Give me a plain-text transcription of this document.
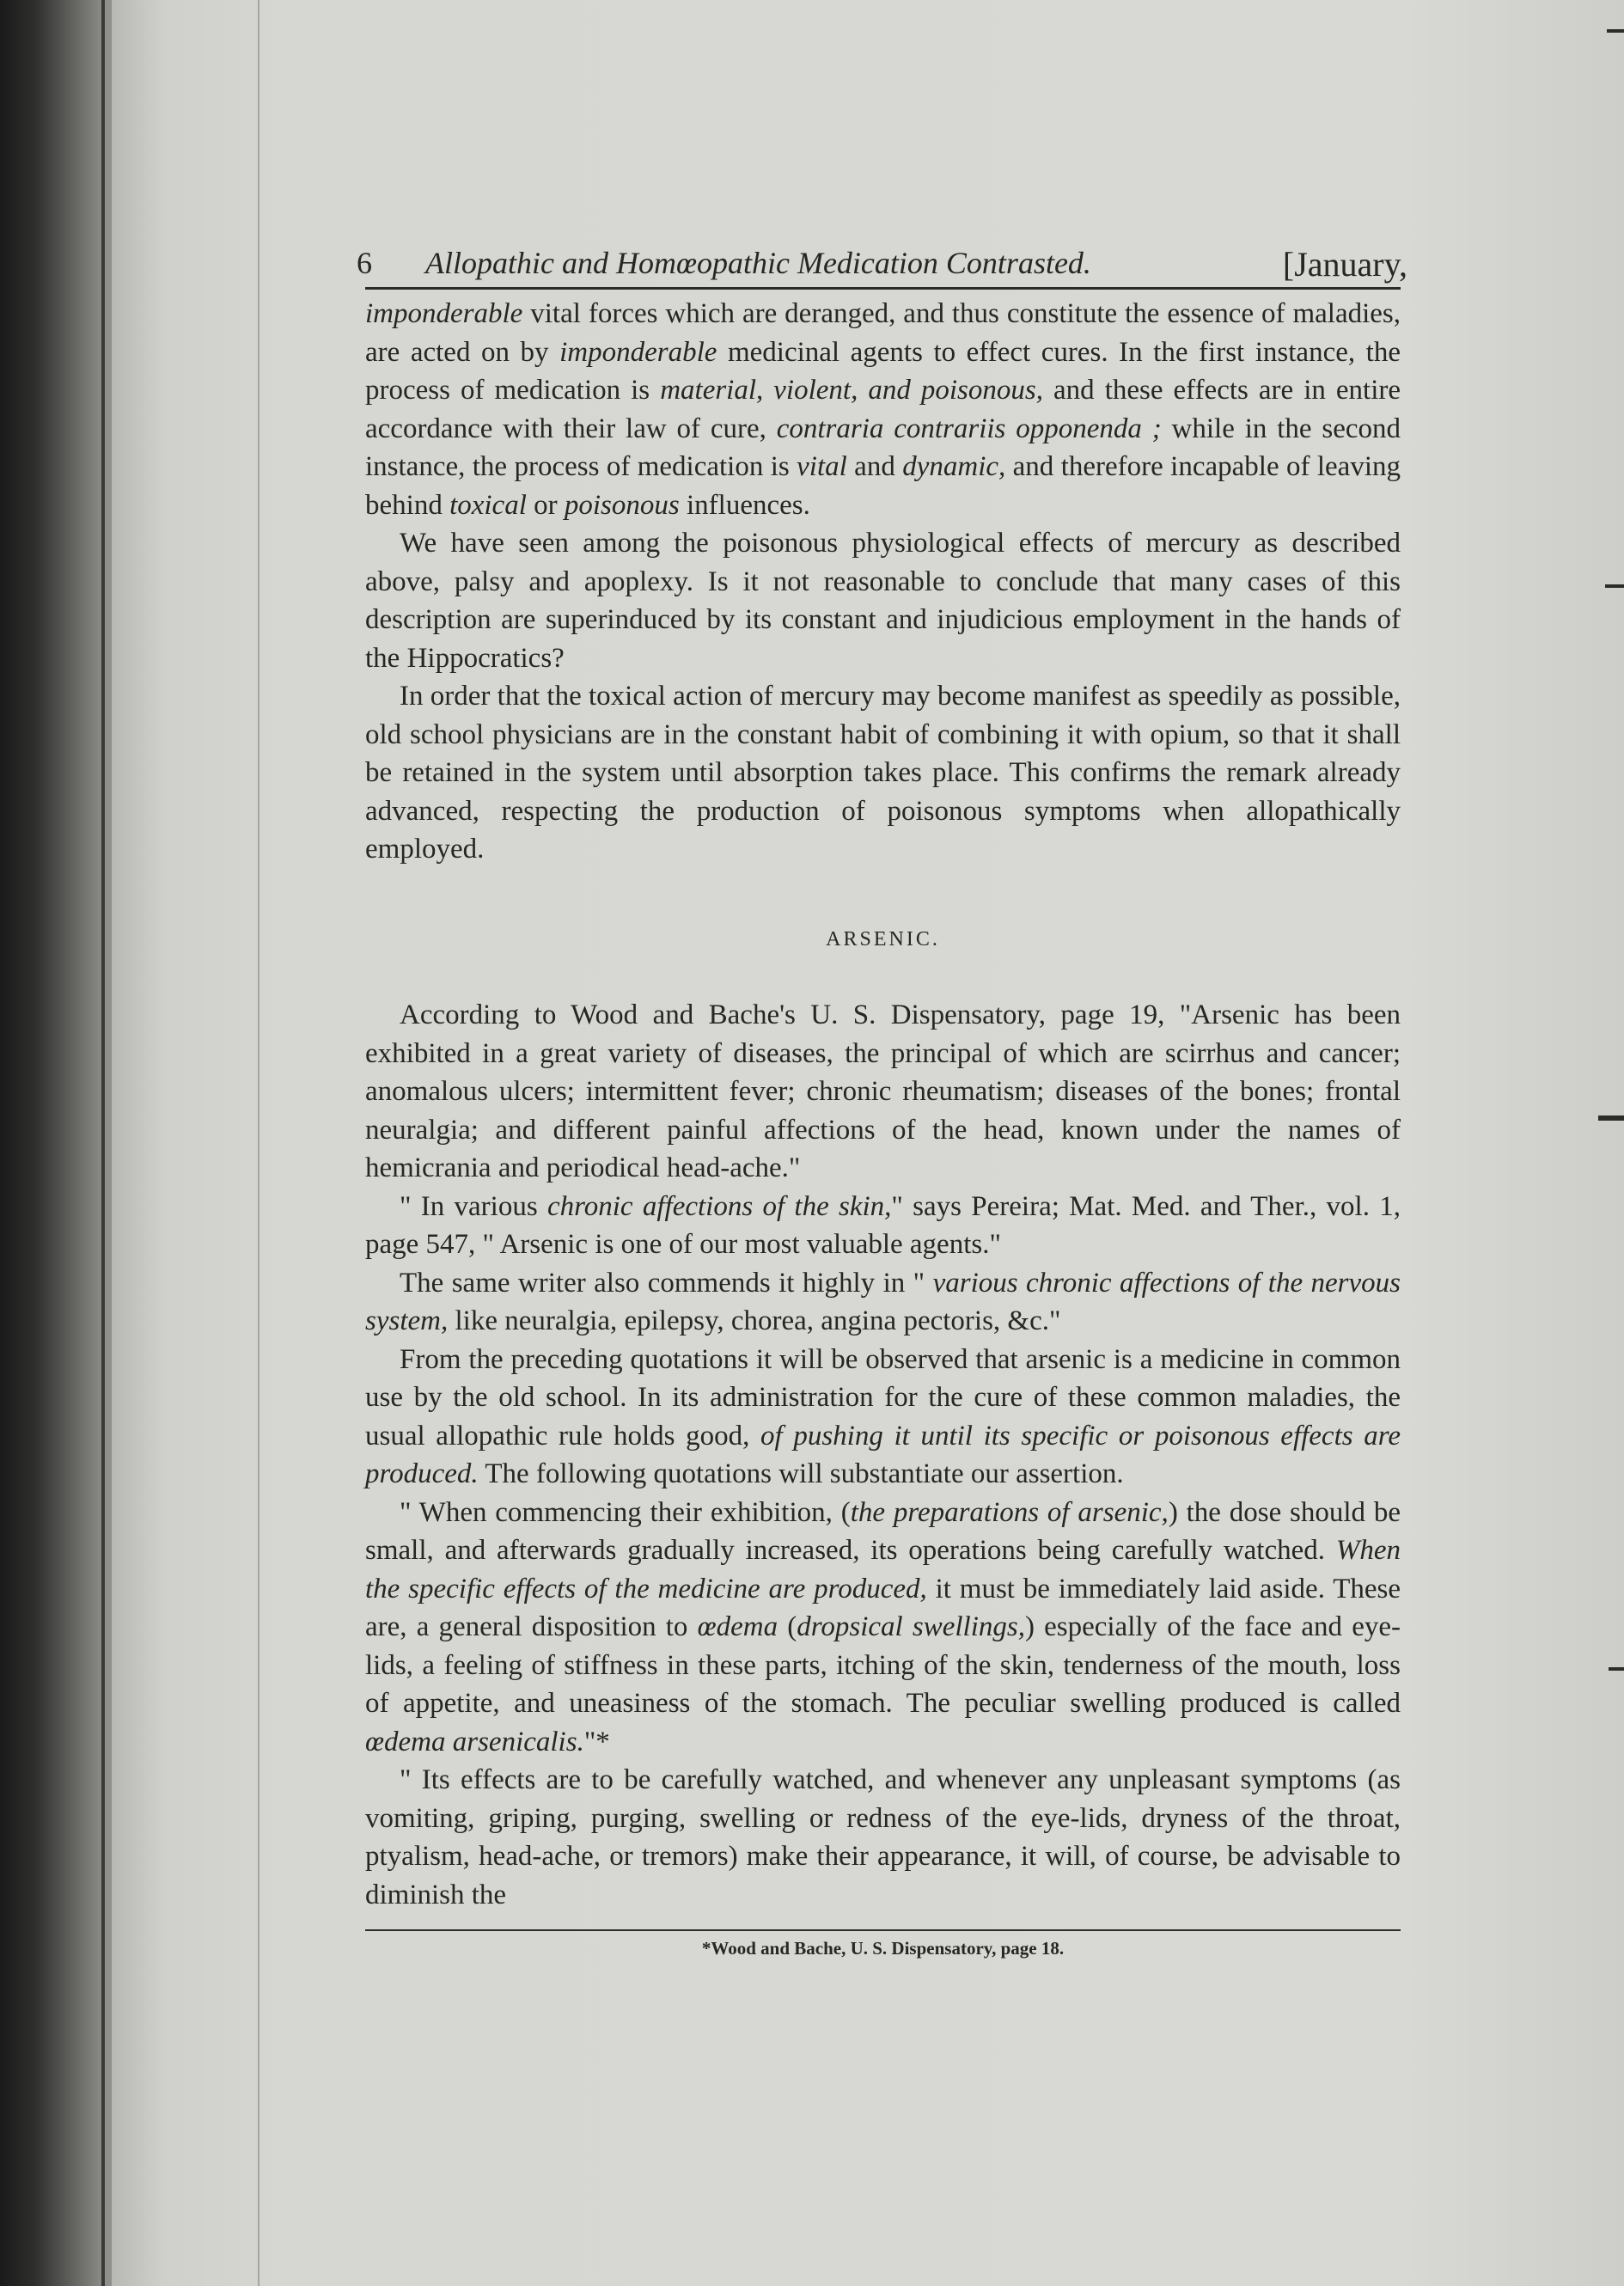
6 Allopathic and Homœopathic Medication Contrasted.	[January,

imponderable vital forces which are deranged, and thus constitute the essence of maladies, are acted on by imponderable medicinal agents to effect cures. In the first instance, the process of medication is material, violent, and poisonous, and these effects are in entire accordance with their law of cure, contraria contrariis opponenda ; while in the second instance, the process of medication is vital and dynamic, and therefore incapable of leaving behind toxical or poisonous influences.

We have seen among the poisonous physiological effects of mercury as described above, palsy and apoplexy. Is it not reasonable to conclude that many cases of this description are superinduced by its constant and injudicious employment in the hands of the Hippocratics?

In order that the toxical action of mercury may become manifest as speedily as possible, old school physicians are in the constant habit of combining it with opium, so that it shall be retained in the system until absorption takes place. This confirms the remark already advanced, respecting the production of poisonous symptoms when allopathically employed.

ARSENIC.

According to Wood and Bache's U. S. Dispensatory, page 19, "Arsenic has been exhibited in a great variety of diseases, the principal of which are scirrhus and cancer; anomalous ulcers; intermittent fever; chronic rheumatism; diseases of the bones; frontal neuralgia; and different painful affections of the head, known under the names of hemicrania and periodical head-ache."

" In various chronic affections of the skin," says Pereira; Mat. Med. and Ther., vol. 1, page 547, " Arsenic is one of our most valuable agents."

The same writer also commends it highly in " various chronic affections of the nervous system, like neuralgia, epilepsy, chorea, angina pectoris, &c."

From the preceding quotations it will be observed that arsenic is a medicine in common use by the old school. In its administration for the cure of these common maladies, the usual allopathic rule holds good, of pushing it until its specific or poisonous effects are produced. The following quotations will substantiate our assertion.

" When commencing their exhibition, (the preparations of arsenic,) the dose should be small, and afterwards gradually increased, its operations being carefully watched. When the specific effects of the medicine are produced, it must be immediately laid aside. These are, a general disposition to œdema (dropsical swellings,) especially of the face and eye-lids, a feeling of stiffness in these parts, itching of the skin, tenderness of the mouth, loss of appetite, and uneasiness of the stomach. The peculiar swelling produced is called œdema arsenicalis."*

" Its effects are to be carefully watched, and whenever any unpleasant symptoms (as vomiting, griping, purging, swelling or redness of the eye-lids, dryness of the throat, ptyalism, head-ache, or tremors) make their appearance, it will, of course, be advisable to diminish the

*Wood and Bache, U. S. Dispensatory, page 18.
